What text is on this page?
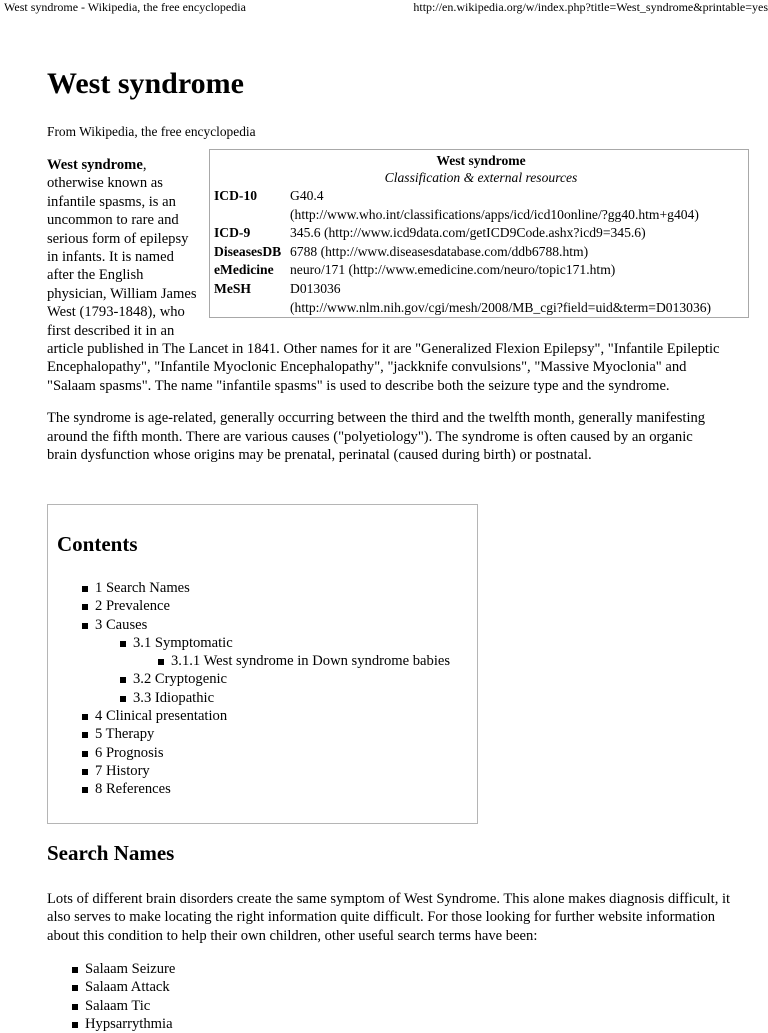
West syndrome - Wikipedia, the free encyclopedia	http://en.wikipedia.org/w/index.php?title=West_syndrome&printable=yes
West syndrome
From Wikipedia, the free encyclopedia
West syndrome
Classification & external resources
ICD-10	G40.4
(http://www.who.int/classifications/apps/icd/icd10online/?gg40.htm+g404)
ICD-9	345.6 (http://www.icd9data.com/getICD9Code.ashx?icd9=345.6)
DiseasesDB	6788 (http://www.diseasesdatabase.com/ddb6788.htm)
eMedicine	neuro/171 (http://www.emedicine.com/neuro/topic171.htm)
MeSH	D013036
(http://www.nlm.nih.gov/cgi/mesh/2008/MB_cgi?field=uid&term=D013036)

West syndrome, otherwise known as infantile spasms, is an uncommon to rare and serious form of epilepsy in infants. It is named after the English physician, William James West (1793-1848), who first described it in an article published in The Lancet in 1841. Other names for it are "Generalized Flexion Epilepsy", "Infantile Epileptic Encephalopathy", "Infantile Myoclonic Encephalopathy", "jackknife convulsions", "Massive Myoclonia" and "Salaam spasms". The name "infantile spasms" is used to describe both the seizure type and the syndrome.

The syndrome is age-related, generally occurring between the third and the twelfth month, generally manifesting around the fifth month. There are various causes ("polyetiology"). The syndrome is often caused by an organic brain dysfunction whose origins may be prenatal, perinatal (caused during birth) or postnatal.

Contents
1 Search Names
2 Prevalence
3 Causes
3.1 Symptomatic
3.1.1 West syndrome in Down syndrome babies
3.2 Cryptogenic
3.3 Idiopathic
4 Clinical presentation
5 Therapy
6 Prognosis
7 History
8 References
Search Names
Lots of different brain disorders create the same symptom of West Syndrome. This alone makes diagnosis difficult, it also serves to make locating the right information quite difficult. For those looking for further website information about this condition to help their own children, other useful search terms have been:
Salaam Seizure
Salaam Attack
Salaam Tic
Hypsarrythmia
